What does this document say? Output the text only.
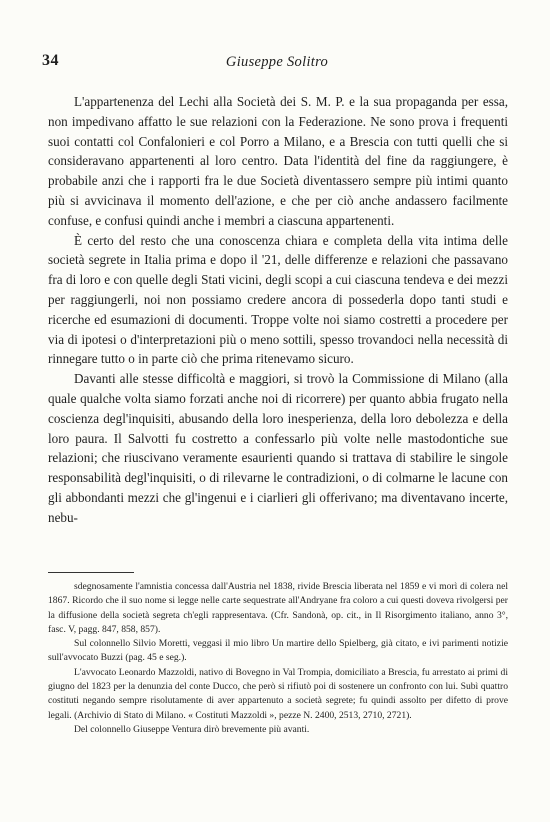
34	Giuseppe Solitro

L'appartenenza del Lechi alla Società dei S. M. P. e la sua propaganda per essa, non impedivano affatto le sue relazioni con la Federazione. Ne sono prova i frequenti suoi contatti col Confalonieri e col Porro a Milano, e a Brescia con tutti quelli che si consideravano appartenenti al loro centro. Data l'identità del fine da raggiungere, è probabile anzi che i rapporti fra le due Società diventassero sempre più intimi quanto più si avvicinava il momento dell'azione, e che per ciò anche andassero facilmente confuse, e confusi quindi anche i membri a ciascuna appartenenti.

È certo del resto che una conoscenza chiara e completa della vita intima delle società segrete in Italia prima e dopo il '21, delle differenze e relazioni che passavano fra di loro e con quelle degli Stati vicini, degli scopi a cui ciascuna tendeva e dei mezzi per raggiungerli, noi non possiamo credere ancora di possederla dopo tanti studi e ricerche ed esumazioni di documenti. Troppe volte noi siamo costretti a procedere per via di ipotesi o d'interpretazioni più o meno sottili, spesso trovandoci nella necessità di rinnegare tutto o in parte ciò che prima ritenevamo sicuro.

Davanti alle stesse difficoltà e maggiori, si trovò la Commissione di Milano (alla quale qualche volta siamo forzati anche noi di ricorrere) per quanto abbia frugato nella coscienza degl'inquisiti, abusando della loro inesperienza, della loro debolezza e della loro paura. Il Salvotti fu costretto a confessarlo più volte nelle mastodontiche sue relazioni; che riuscivano veramente esaurienti quando si trattava di stabilire le singole responsabilità degl'inquisiti, o di rilevarne le contradizioni, o di colmarne le lacune con gli abbondanti mezzi che gl'ingenui e i ciarlieri gli offerivano; ma diventavano incerte, nebu-

sdegnosamente l'amnistia concessa dall'Austria nel 1838, rivide Brescia liberata nel 1859 e vi morì di colera nel 1867. Ricordo che il suo nome si legge nelle carte sequestrate all'Andryane fra coloro a cui questi doveva rivolgersi per la diffusione della società segreta ch'egli rappresentava. (Cfr. Sandonà, op. cit., in Il Risorgimento italiano, anno 3°, fasc. V, pagg. 847, 858, 857).

Sul colonnello Silvio Moretti, veggasi il mio libro Un martire dello Spielberg, già citato, e ivi parimenti notizie sull'avvocato Buzzi (pag. 45 e seg.).

L'avvocato Leonardo Mazzoldi, nativo di Bovegno in Val Trompia, domiciliato a Brescia, fu arrestato ai primi di giugno del 1823 per la denunzia del conte Ducco, che però si rifiutò poi di sostenere un confronto con lui. Subì quattro costituti negando sempre risolutamente di aver appartenuto a società segrete; fu quindi assolto per difetto di prove legali. (Archivio di Stato di Milano. « Costituti Mazzoldi », pezze N. 2400, 2513, 2710, 2721).

Del colonnello Giuseppe Ventura dirò brevemente più avanti.
